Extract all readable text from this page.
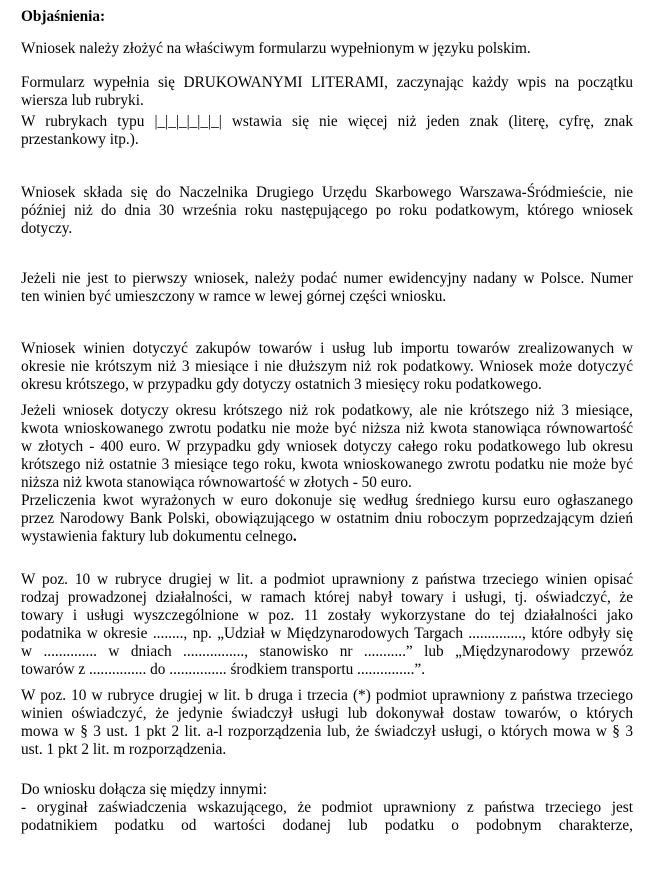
Objaśnienia:
Wniosek należy złożyć na właściwym formularzu wypełnionym w języku polskim.
Formularz wypełnia się DRUKOWANYMI LITERAMI, zaczynając każdy wpis na początku
wiersza lub rubryki.
W rubrykach typu |_|_|_|_|_|_| wstawia się nie więcej niż jeden znak (literę, cyfrę, znak
przestankowy itp.).
Wniosek składa się do Naczelnika Drugiego Urzędu Skarbowego Warszawa-Śródmieście, nie
później niż do dnia 30 września roku następującego po roku podatkowym, którego wniosek
dotyczy.
Jeżeli nie jest to pierwszy wniosek, należy podać numer ewidencyjny nadany w Polsce. Numer
ten winien być umieszczony w ramce w lewej górnej części wniosku.
Wniosek winien dotyczyć zakupów towarów i usług lub importu towarów zrealizowanych w
okresie nie krótszym niż 3 miesiące i nie dłuższym niż rok podatkowy. Wniosek może dotyczyć
okresu krótszego, w przypadku gdy dotyczy ostatnich 3 miesięcy roku podatkowego.
Jeżeli wniosek dotyczy okresu krótszego niż rok podatkowy, ale nie krótszego niż 3 miesiące,
kwota wnioskowanego zwrotu podatku nie może być niższa niż kwota stanowiąca równowartość
w złotych - 400 euro. W przypadku gdy wniosek dotyczy całego roku podatkowego lub okresu
krótszego niż ostatnie 3 miesiące tego roku, kwota wnioskowanego zwrotu podatku nie może być
niższa niż kwota stanowiąca równowartość w złotych - 50 euro.
Przeliczenia kwot wyrażonych w euro dokonuje się według średniego kursu euro ogłaszanego
przez Narodowy Bank Polski, obowiązującego w ostatnim dniu roboczym poprzedzającym dzień
wystawienia faktury lub dokumentu celnego.
W poz. 10 w rubryce drugiej w lit. a podmiot uprawniony z państwa trzeciego winien opisać
rodzaj prowadzonej działalności, w ramach której nabył towary i usługi, tj. oświadczyć, że
towary i usługi wyszczególnione w poz. 11 zostały wykorzystane do tej działalności jako
podatnika w okresie ........, np. „Udział w Międzynarodowych Targach .............., które odbyły się
w .............. w dniach ................, stanowisko nr ...........” lub „Międzynarodowy przewóz
towarów z ............... do ............... środkiem transportu ...............”.
W poz. 10 w rubryce drugiej w lit. b druga i trzecia (*) podmiot uprawniony z państwa trzeciego
winien oświadczyć, że jedynie świadczył usługi lub dokonywał dostaw towarów, o których
mowa w § 3 ust. 1 pkt 2 lit. a-l rozporządzenia lub, że świadczył usługi, o których mowa w § 3
ust. 1 pkt 2 lit. m rozporządzenia.
Do wniosku dołącza się między innymi:
- oryginał zaświadczenia wskazującego, że podmiot uprawniony z państwa trzeciego jest
podatnikiem podatku od wartości dodanej lub podatku o podobnym charakterze,
